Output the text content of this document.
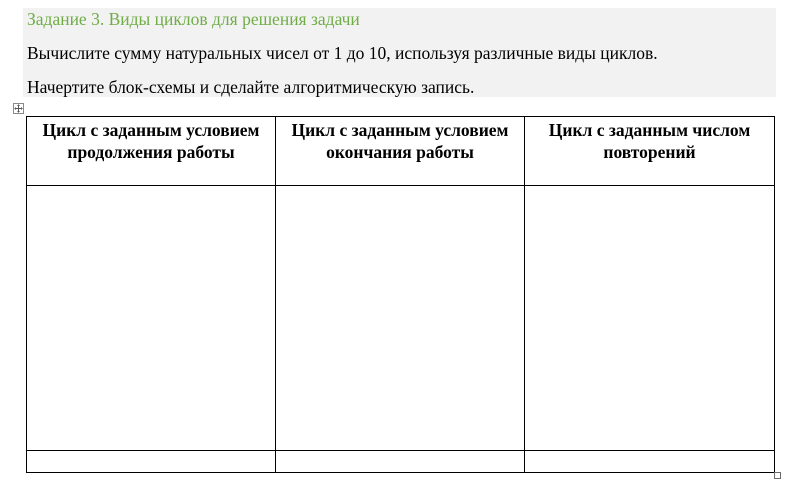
Задание 3. Виды циклов для решения задачи
Вычислите сумму натуральных чисел от 1 до 10, используя различные виды циклов.
Начертите блок-схемы и сделайте алгоритмическую запись.
Цикл с заданным условием продолжения работы	Цикл с заданным условием окончания работы	Цикл с заданным числом повторений
